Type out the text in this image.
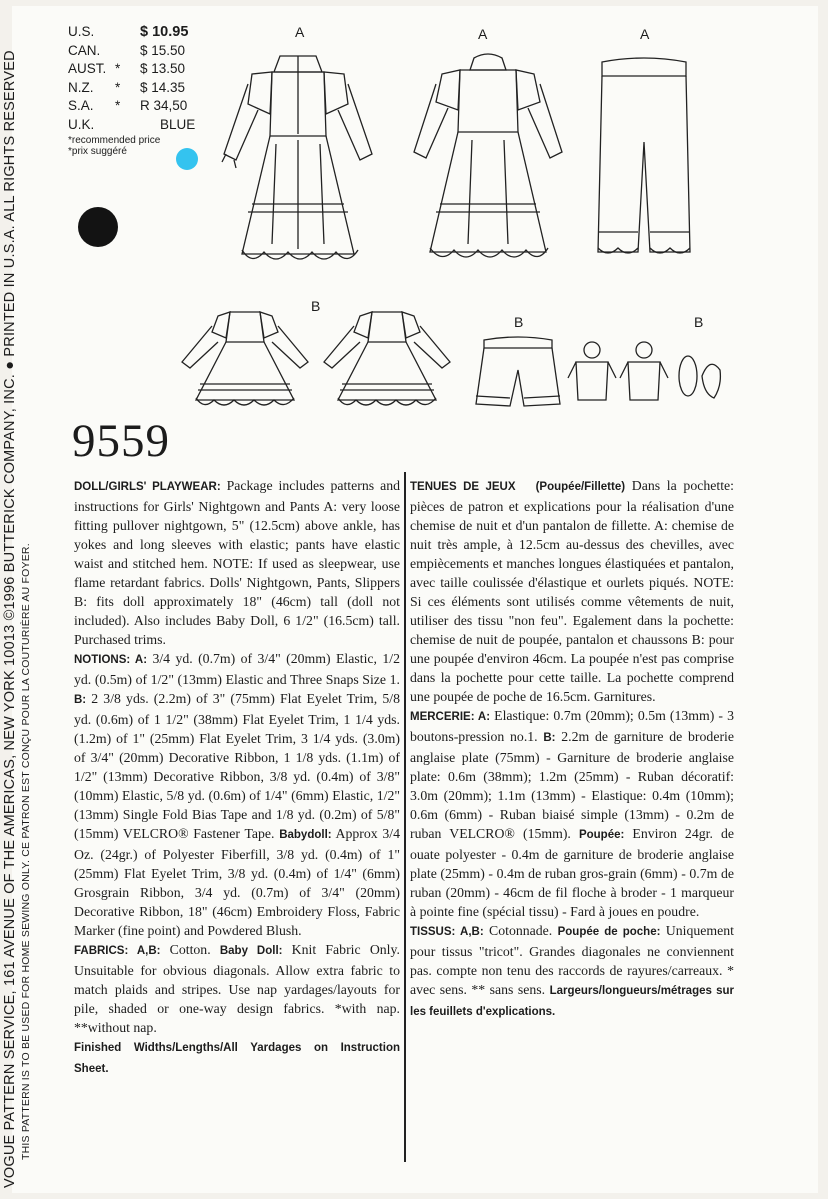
VOGUE PATTERN SERVICE, 161 AVENUE OF THE AMERICAS, NEW YORK 10013 ©1996 BUTTERICK COMPANY, INC. ● PRINTED IN U.S.A. ALL RIGHTS RESERVED THIS PATTERN IS TO BE USED FOR HOME SEWING ONLY. CE PATRON EST CONÇU POUR LA COUTURIÈRE AU FOYER.
U.S.	$ 10.95
CAN.	$ 15.50
AUST. * $ 13.50
N.Z. * $ 14.35
S.A. * R 34,50
U.K.	BLUE
*recommended price
*prix suggéré
A	A	A
B
B	B
9559

DOLL/GIRLS' PLAYWEAR: Package includes patterns and instructions for Girls' Nightgown and Pants A: very loose fitting pullover nightgown, 5" (12.5cm) above ankle, has yokes and long sleeves with elastic; pants have elastic waist and stitched hem. NOTE: If used as sleepwear, use flame retardant fabrics. Dolls' Nightgown, Pants, Slippers B: fits doll approximately 18" (46cm) tall (doll not included). Also includes Baby Doll, 6 1/2" (16.5cm) tall. Purchased trims.

NOTIONS: A: 3/4 yd. (0.7m) of 3/4" (20mm) Elastic, 1/2 yd. (0.5m) of 1/2" (13mm) Elastic and Three Snaps Size 1. B: 2 3/8 yds. (2.2m) of 3" (75mm) Flat Eyelet Trim, 5/8 yd. (0.6m) of 1 1/2" (38mm) Flat Eyelet Trim, 1 1/4 yds. (1.2m) of 1" (25mm) Flat Eyelet Trim, 3 1/4 yds. (3.0m) of 3/4" (20mm) Decorative Ribbon, 1 1/8 yds. (1.1m) of 1/2" (13mm) Decorative Ribbon, 3/8 yd. (0.4m) of 3/8" (10mm) Elastic, 5/8 yd. (0.6m) of 1/4" (6mm) Elastic, 1/2" (13mm) Single Fold Bias Tape and 1/8 yd. (0.2m) of 5/8" (15mm) VELCRO® Fastener Tape. Babydoll: Approx 3/4 Oz. (24gr.) of Polyester Fiberfill, 3/8 yd. (0.4m) of 1" (25mm) Flat Eyelet Trim, 3/8 yd. (0.4m) of 1/4" (6mm) Grosgrain Ribbon, 3/4 yd. (0.7m) of 3/4" (20mm) Decorative Ribbon, 18" (46cm) Embroidery Floss, Fabric Marker (fine point) and Powdered Blush.

FABRICS: A,B: Cotton. Baby Doll: Knit Fabric Only. Unsuitable for obvious diagonals. Allow extra fabric to match plaids and stripes. Use nap yardages/layouts for pile, shaded or one-way design fabrics. *with nap. **without nap.

Finished Widths/Lengths/All Yardages on Instruction Sheet.

TENUES DE JEUX (Poupée/Fillette) Dans la pochette: pièces de patron et explications pour la réalisation d'une chemise de nuit et d'un pantalon de fillette. A: chemise de nuit très ample, à 12.5cm au-dessus des chevilles, avec empiècements et manches longues élastiquées et pantalon, avec taille coulissée d'élastique et ourlets piqués. NOTE: Si ces éléments sont utilisés comme vêtements de nuit, utiliser des tissu "non feu". Egalement dans la pochette: chemise de nuit de poupée, pantalon et chaussons B: pour une poupée d'environ 46cm. La poupée n'est pas comprise dans la pochette pour cette taille. La pochette comprend une poupée de poche de 16.5cm. Garnitures.

MERCERIE: A: Elastique: 0.7m (20mm); 0.5m (13mm) - 3 boutons-pression no.1. B: 2.2m de garniture de broderie anglaise plate (75mm) - Garniture de broderie anglaise plate: 0.6m (38mm); 1.2m (25mm) - Ruban décoratif: 3.0m (20mm); 1.1m (13mm) - Elastique: 0.4m (10mm); 0.6m (6mm) - Ruban biaisé simple (13mm) - 0.2m de ruban VELCRO® (15mm). Poupée: Environ 24gr. de ouate polyester - 0.4m de garniture de broderie anglaise plate (25mm) - 0.4m de ruban gros-grain (6mm) - 0.7m de ruban (20mm) - 46cm de fil floche à broder - 1 marqueur à pointe fine (spécial tissu) - Fard à joues en poudre.

TISSUS: A,B: Cotonnade. Poupée de poche: Uniquement pour tissus "tricot". Grandes diagonales ne conviennent pas. compte non tenu des raccords de rayures/carreaux. * avec sens. ** sans sens. Largeurs/longueurs/métrages sur les feuillets d'explications.
